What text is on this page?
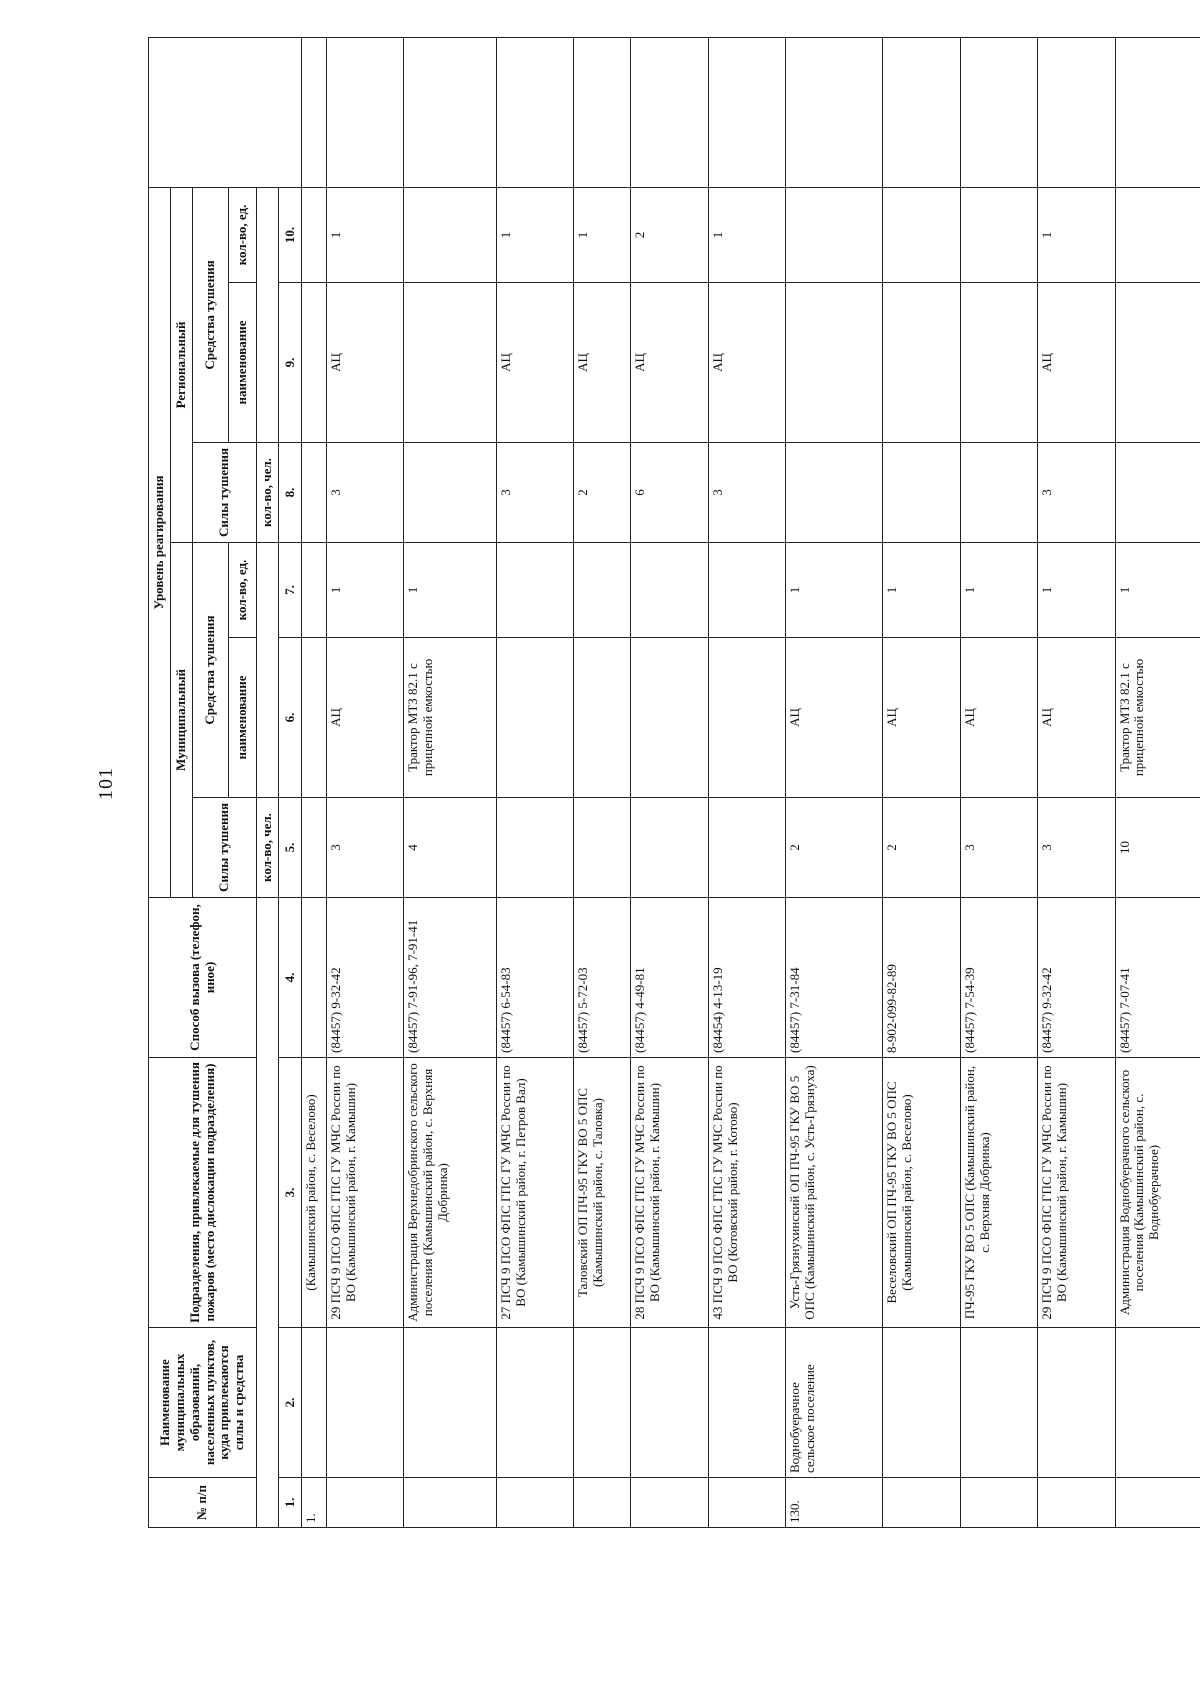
101
№ п/п	Наименование муниципальных образований, населенных пунктов, куда привлекаются силы и средства	Подразделения, привлекаемые для тушения пожаров (место дислокации подразделения)	Способ вызова (телефон, иное)	Уровень реагирования						
				Муниципальный			Региональный			
				Силы тушения	Средства тушения		Силы тушения	Средства тушения		
					наименование	кол-во, ед.		наименование	кол-во, ед.	
				кол-во, чел.			кол-во, чел.			
1.	2.	3.	4.	5.	6.	7.	8.	9.	10.	
1.		(Камышинский район, с. Веселово)								
		29 ПСЧ 9 ПСО ФПС ГПС ГУ МЧС России по ВО (Камышинский район, г. Камышин)	(84457) 9-32-42	3	АЦ	1	3	АЦ	1	
		Администрация Верхнедобринского сельского поселения (Камышинский район, с. Верхняя Добринка)	(84457) 7-91-96, 7-91-41	4	Трактор МТЗ 82.1 с прицепной емкостью	1				
		27 ПСЧ 9 ПСО ФПС ГПС ГУ МЧС России по ВО (Камышинский район, г. Петров Вал)	(84457) 6-54-83				3	АЦ	1	
		Таловский ОП ПЧ-95 ГКУ ВО 5 ОПС (Камышинский район, с. Таловка)	(84457) 5-72-03				2	АЦ	1	
		28 ПСЧ 9 ПСО ФПС ГПС ГУ МЧС России по ВО (Камышинский район, г. Камышин)	(84457) 4-49-81				6	АЦ	2	
		43 ПСЧ 9 ПСО ФПС ГПС ГУ МЧС России по ВО (Котовский район, г. Котово)	(84454) 4-13-19				3	АЦ	1	
130.	Воднобуерачное сельское поселение	Усть-Грязнухинский ОП ПЧ-95 ГКУ ВО 5 ОПС (Камышинский район, с. Усть-Грязнуха)	(84457) 7-31-84	2	АЦ	1				
		Веселовский ОП ПЧ-95 ГКУ ВО 5 ОПС (Камышинский район, с. Веселово)	8-902-099-82-89	2	АЦ	1				
		ПЧ-95 ГКУ ВО 5 ОПС (Камышинский район, с. Верхняя Добринка)	(84457) 7-54-39	3	АЦ	1				
		29 ПСЧ 9 ПСО ФПС ГПС ГУ МЧС России по ВО (Камышинский район, г. Камышин)	(84457) 9-32-42	3	АЦ	1	3	АЦ	1	
		Администрация Воднобуерачного сельского поселения (Камышинский район, с. Воднобуерачное)	(84457) 7-07-41	10	Трактор МТЗ 82.1 с прицепной емкостью	1				
